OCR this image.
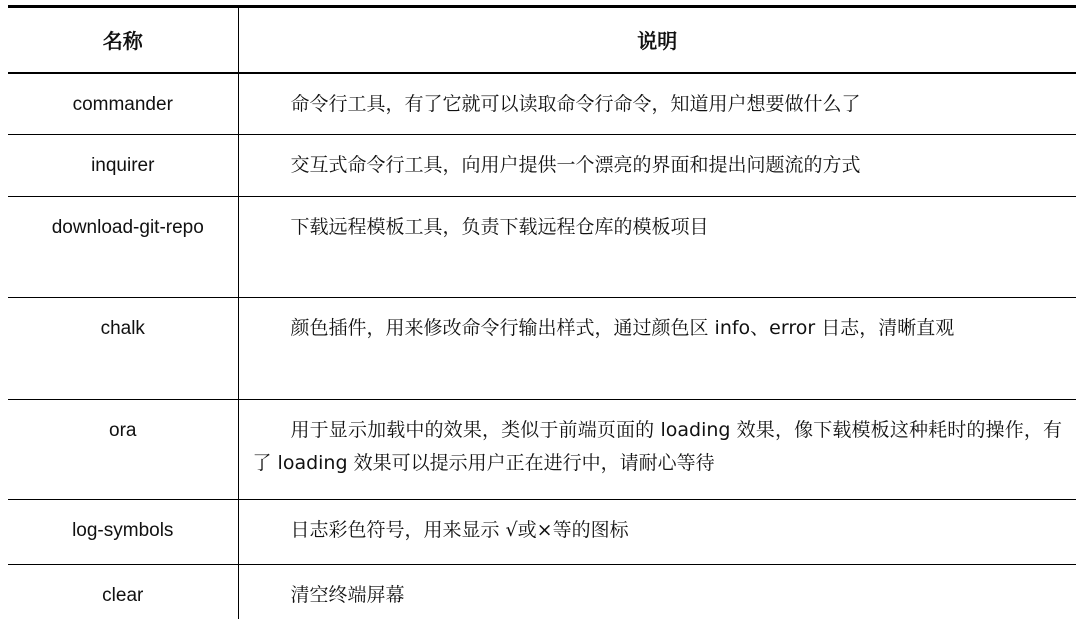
名称	说明
commander	命令行工具，有了它就可以读取命令行命令，知道用户想要做什么了
inquirer	交互式命令行工具，向用户提供一个漂亮的界面和提出问题流的方式
download-git-repo	下载远程模板工具，负责下载远程仓库的模板项目
chalk	颜色插件，用来修改命令行输出样式，通过颜色区 info、error 日志，清晰直观
ora	用于显示加载中的效果，类似于前端页面的 loading 效果，像下载模板这种耗时的操作，有了 loading 效果可以提示用户正在进行中，请耐心等待
log-symbols	日志彩色符号，用来显示 √或×等的图标
clear	清空终端屏幕
